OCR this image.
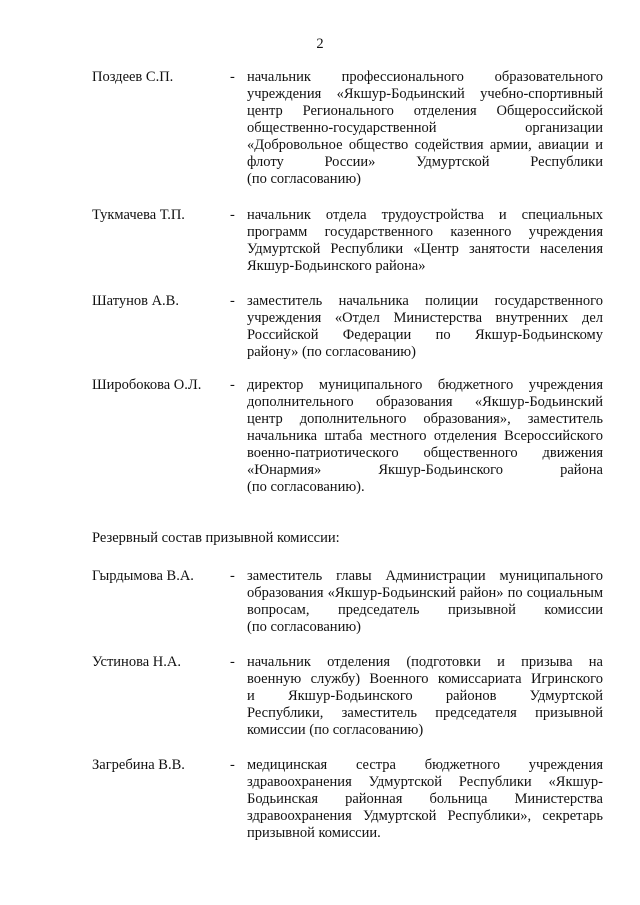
2
Поздеев С.П.	- начальник профессионального образовательного
учреждения «Якшур-Бодьинский учебно-спортивный
центр Регионального отделения Общероссийской
общественно-государственной организации
«Добровольное общество содействия армии, авиации и
флоту России» Удмуртской Республики
(по согласованию)
Тукмачева Т.П.	- начальник отдела трудоустройства и специальных
программ государственного казенного учреждения
Удмуртской Республики «Центр занятости населения
Якшур-Бодьинского района»
Шатунов А.В.	- заместитель начальника полиции государственного
учреждения «Отдел Министерства внутренних дел
Российской Федерации по Якшур-Бодьинскому
району» (по согласованию)
Широбокова О.Л. - директор муниципального бюджетного учреждения
дополнительного образования «Якшур-Бодьинский
центр дополнительного образования», заместитель
начальника штаба местного отделения Всероссийского
военно-патриотического общественного движения
«Юнармия» Якшур-Бодьинского района
(по согласованию).
Резервный состав призывной комиссии:
Гырдымова В.А. - заместитель главы Администрации муниципального
образования «Якшур-Бодьинский район» по социальным
вопросам, председатель призывной комиссии
(по согласованию)
Устинова Н.А.	- начальник отделения (подготовки и призыва на
военную службу) Военного комиссариата Игринского
и Якшур-Бодьинского районов Удмуртской
Республики, заместитель председателя призывной
комиссии (по согласованию)
Загребина В.В.	- медицинская сестра бюджетного учреждения
здравоохранения Удмуртской Республики «Якшур-
Бодьинская районная больница Министерства
здравоохранения Удмуртской Республики», секретарь
призывной комиссии.
